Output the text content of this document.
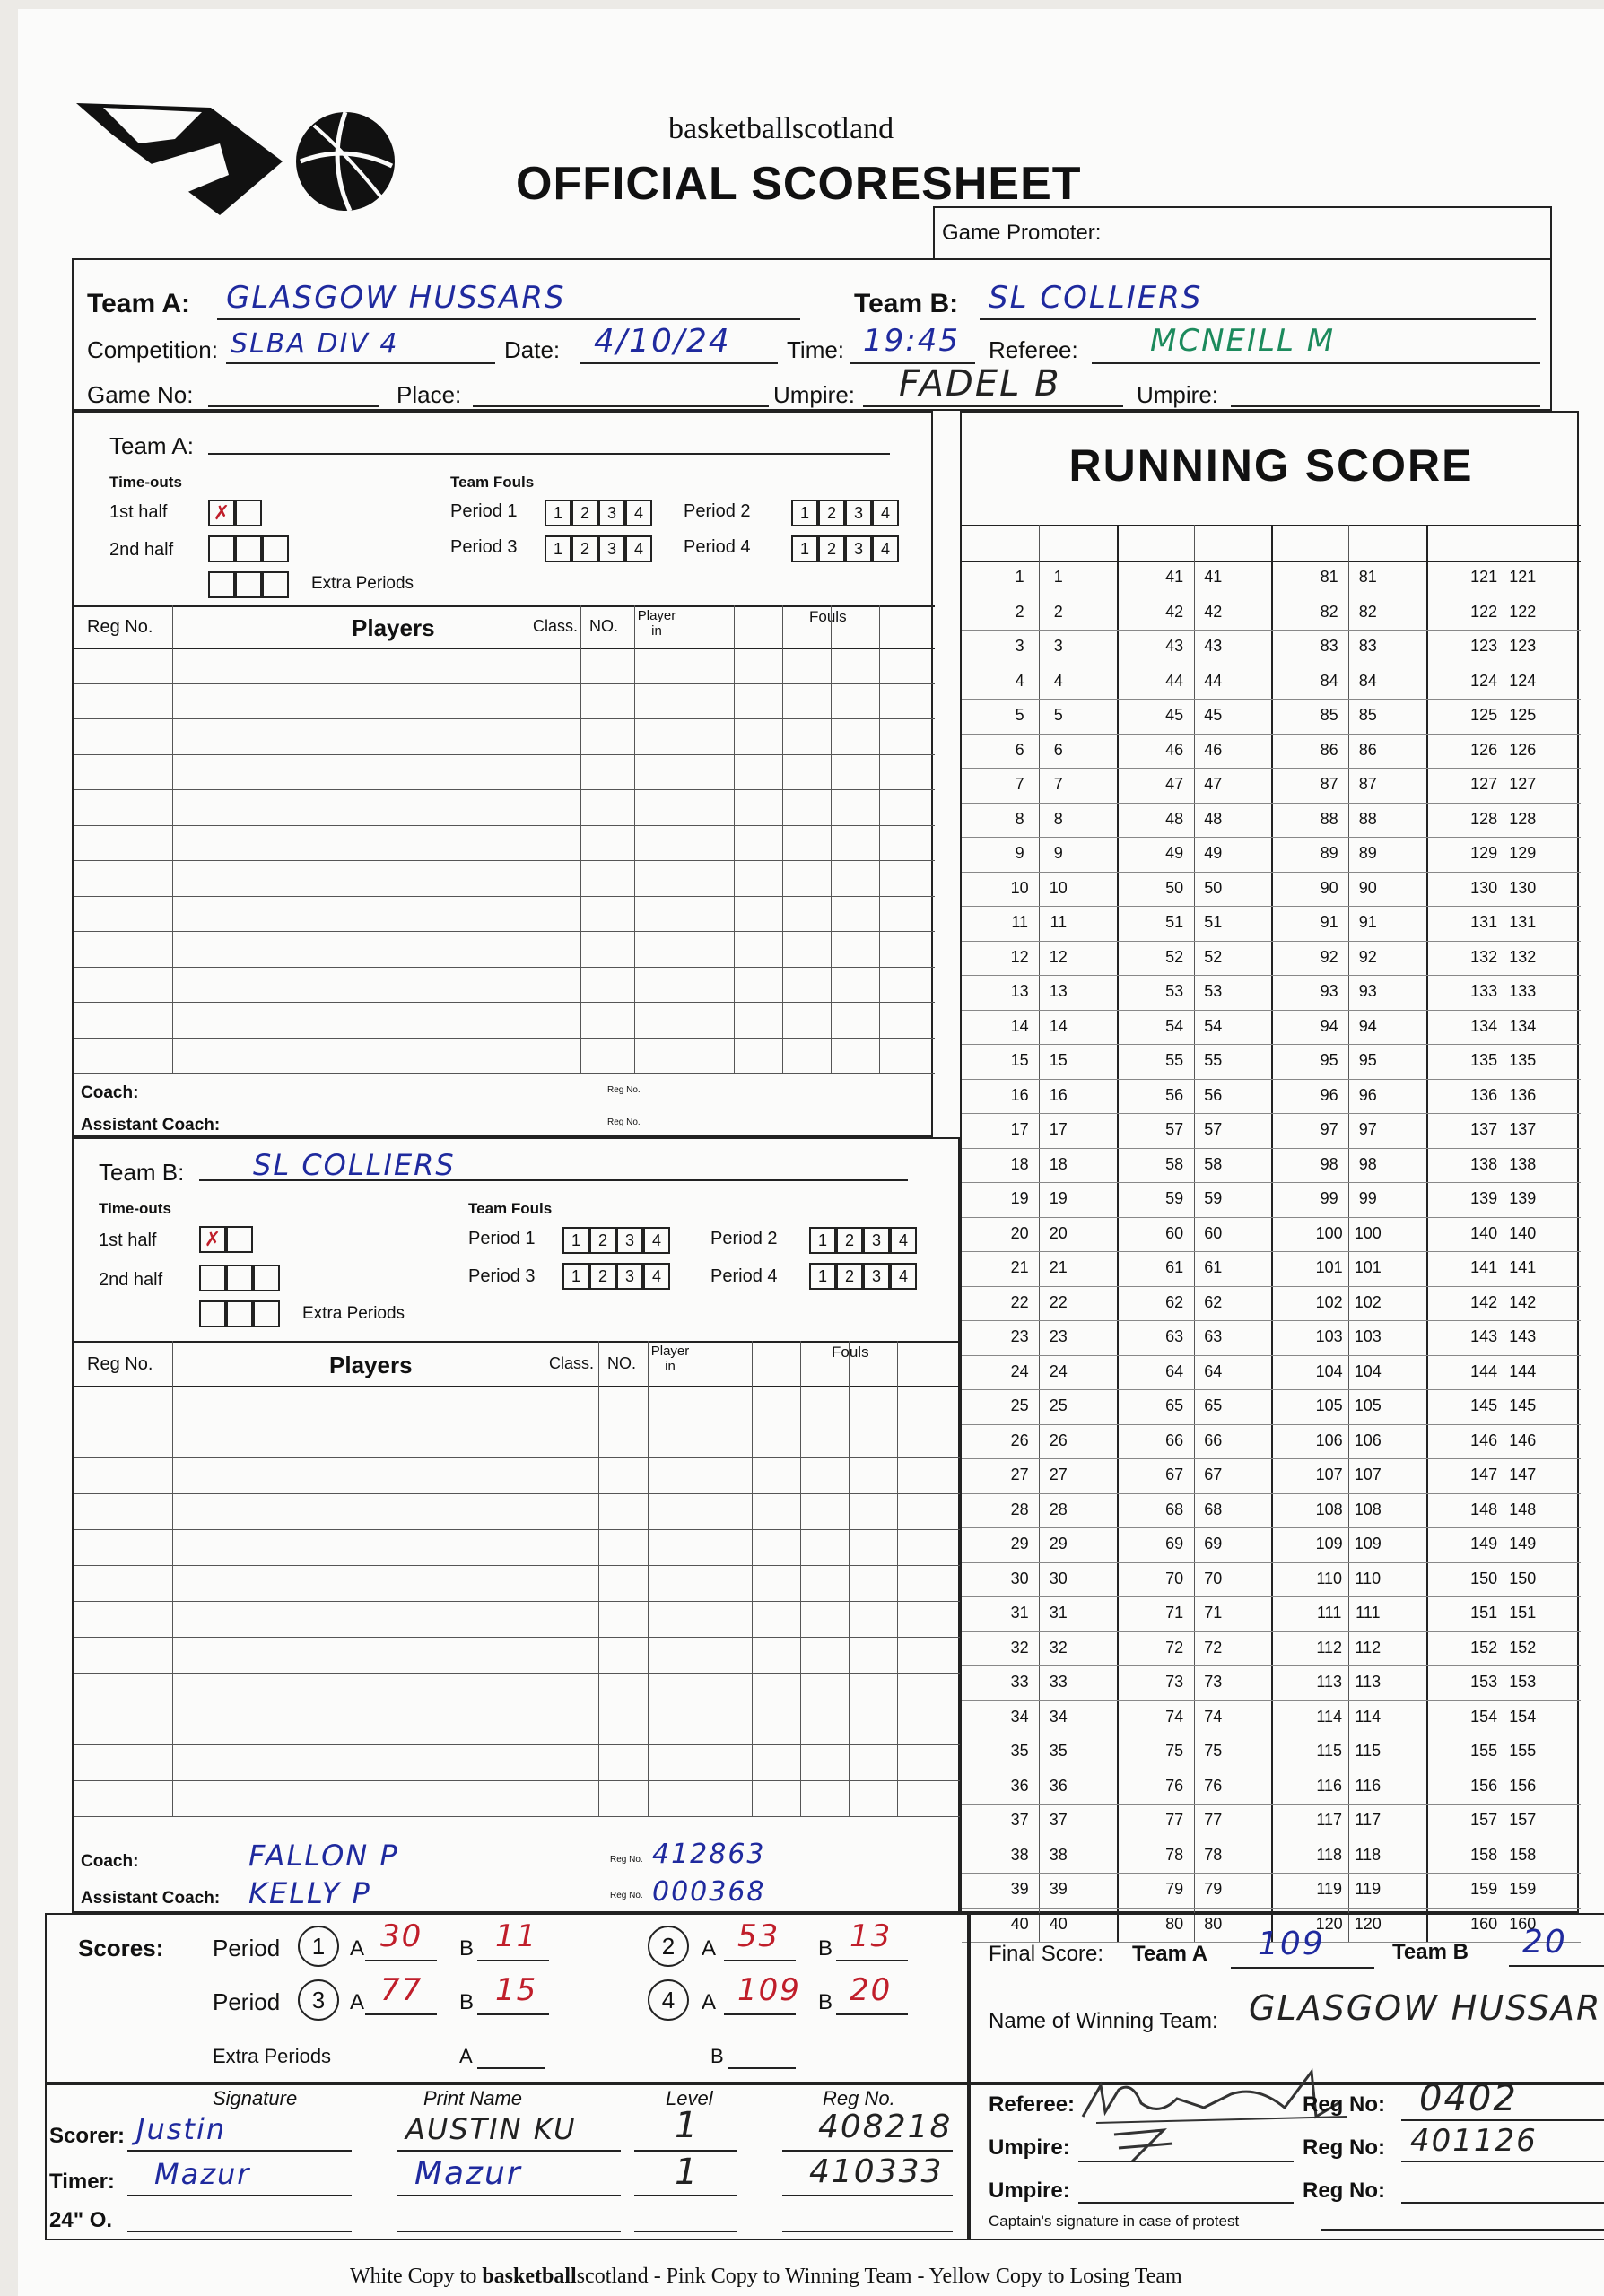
basketballscotland
OFFICIAL SCORESHEET
Game Promoter:
Team A: GLASGOW HUSSARS	Team B: SL COLLIERS
Competition: SLBA DIV 4	Date: 4/10/24 Time: 19:45 Referee: MCNEILL M
Game No:	Place:	Umpire: FADEL B	Umpire:
Team A:
Time-outs
1st half ✗
2nd half
Extra Periods
Team Fouls
Period 1
Period 3
Period 2
Period 4
1	2	3	4	1	2	3	4
1	2	3	4	1	2	3	4
Reg No.	Players	Class. NO.
Player in
Fouls
Coach:
Assistant Coach:
Reg No.
Reg No.
Team B: SL COLLIERS
Time-outs
1st half ✗
2nd half
Extra Periods
Team Fouls
Period 1
Period 3
Period 2
Period 4
1	2	3	4	1	2	3	4
1	2	3	4	1	2	3	4
Reg No.	Players	Class. NO.
Player in
Fouls
Coach:	FALLON P	Reg No. 412863
Assistant Coach: KELLY P	Reg No. 000368
RUNNING SCORE
1	1	41	41	81	81	121 121
2	2	42	42	82	82	122 122
3	3	43	43	83	83	123 123
4	4	44	44	84	84	124 124
5	5	45	45	85	85	125 125
6	6	46	46	86	86	126 126
7	7	47	47	87	87	127 127
8	8	48	48	88	88	128 128
9	9	49	49	89	89	129 129
10	10	50	50	90	90	130 130
11	11	51	51	91	91	131 131
12	12	52	52	92	92	132 132
13	13	53	53	93	93	133 133
14	14	54	54	94	94	134 134
15	15	55	55	95	95	135 135
16	16	56	56	96	96	136 136
17	17	57	57	97	97	137 137
18	18	58	58	98	98	138 138
19	19	59	59	99	99	139 139
20	20	60	60	100 100	140 140
21	21	61	61	101 101	141 141
22	22	62	62	102 102	142 142
23	23	63	63	103 103	143 143
24	24	64	64	104 104	144 144
25	25	65	65	105 105	145 145
26	26	66	66	106 106	146 146
27	27	67	67	107 107	147 147
28	28	68	68	108 108	148 148
29	29	69	69	109 109	149 149
30	30	70	70	110 110	150 150
31	31	71	71	111 111	151 151
32	32	72	72	112 112	152 152
33	33	73	73	113 113	153 153
34	34	74	74	114 114	154 154
35	35	75	75	115 115	155 155
36	36	76	76	116 116	156 156
37	37	77	77	117 117	157 157
38	38	78	78	118 118	158 158
39	39	79	79	119 119	159 159
40	40	80	80	120 120	160 160
Scores: Period	1	A 30 B 11	2	A 53 B 13
Period	3	A 77 B 15	4	A 109 B 20
Extra Periods	A	B
Final Score: Team A 109	Team B 20
Name of Winning Team: GLASGOW HUSSAR
Signature	Print Name	Level	Reg No.
Scorer: Justin	AUSTIN KU	1	408218
Timer: Mazur	Mazur	1	410333
24" O.
Referee:	Reg No: 0402
Umpire:	Reg No: 401126
Umpire:	Reg No:
Captain's signature in case of protest
White Copy to basketballscotland - Pink Copy to Winning Team - Yellow Copy to Losing Team
